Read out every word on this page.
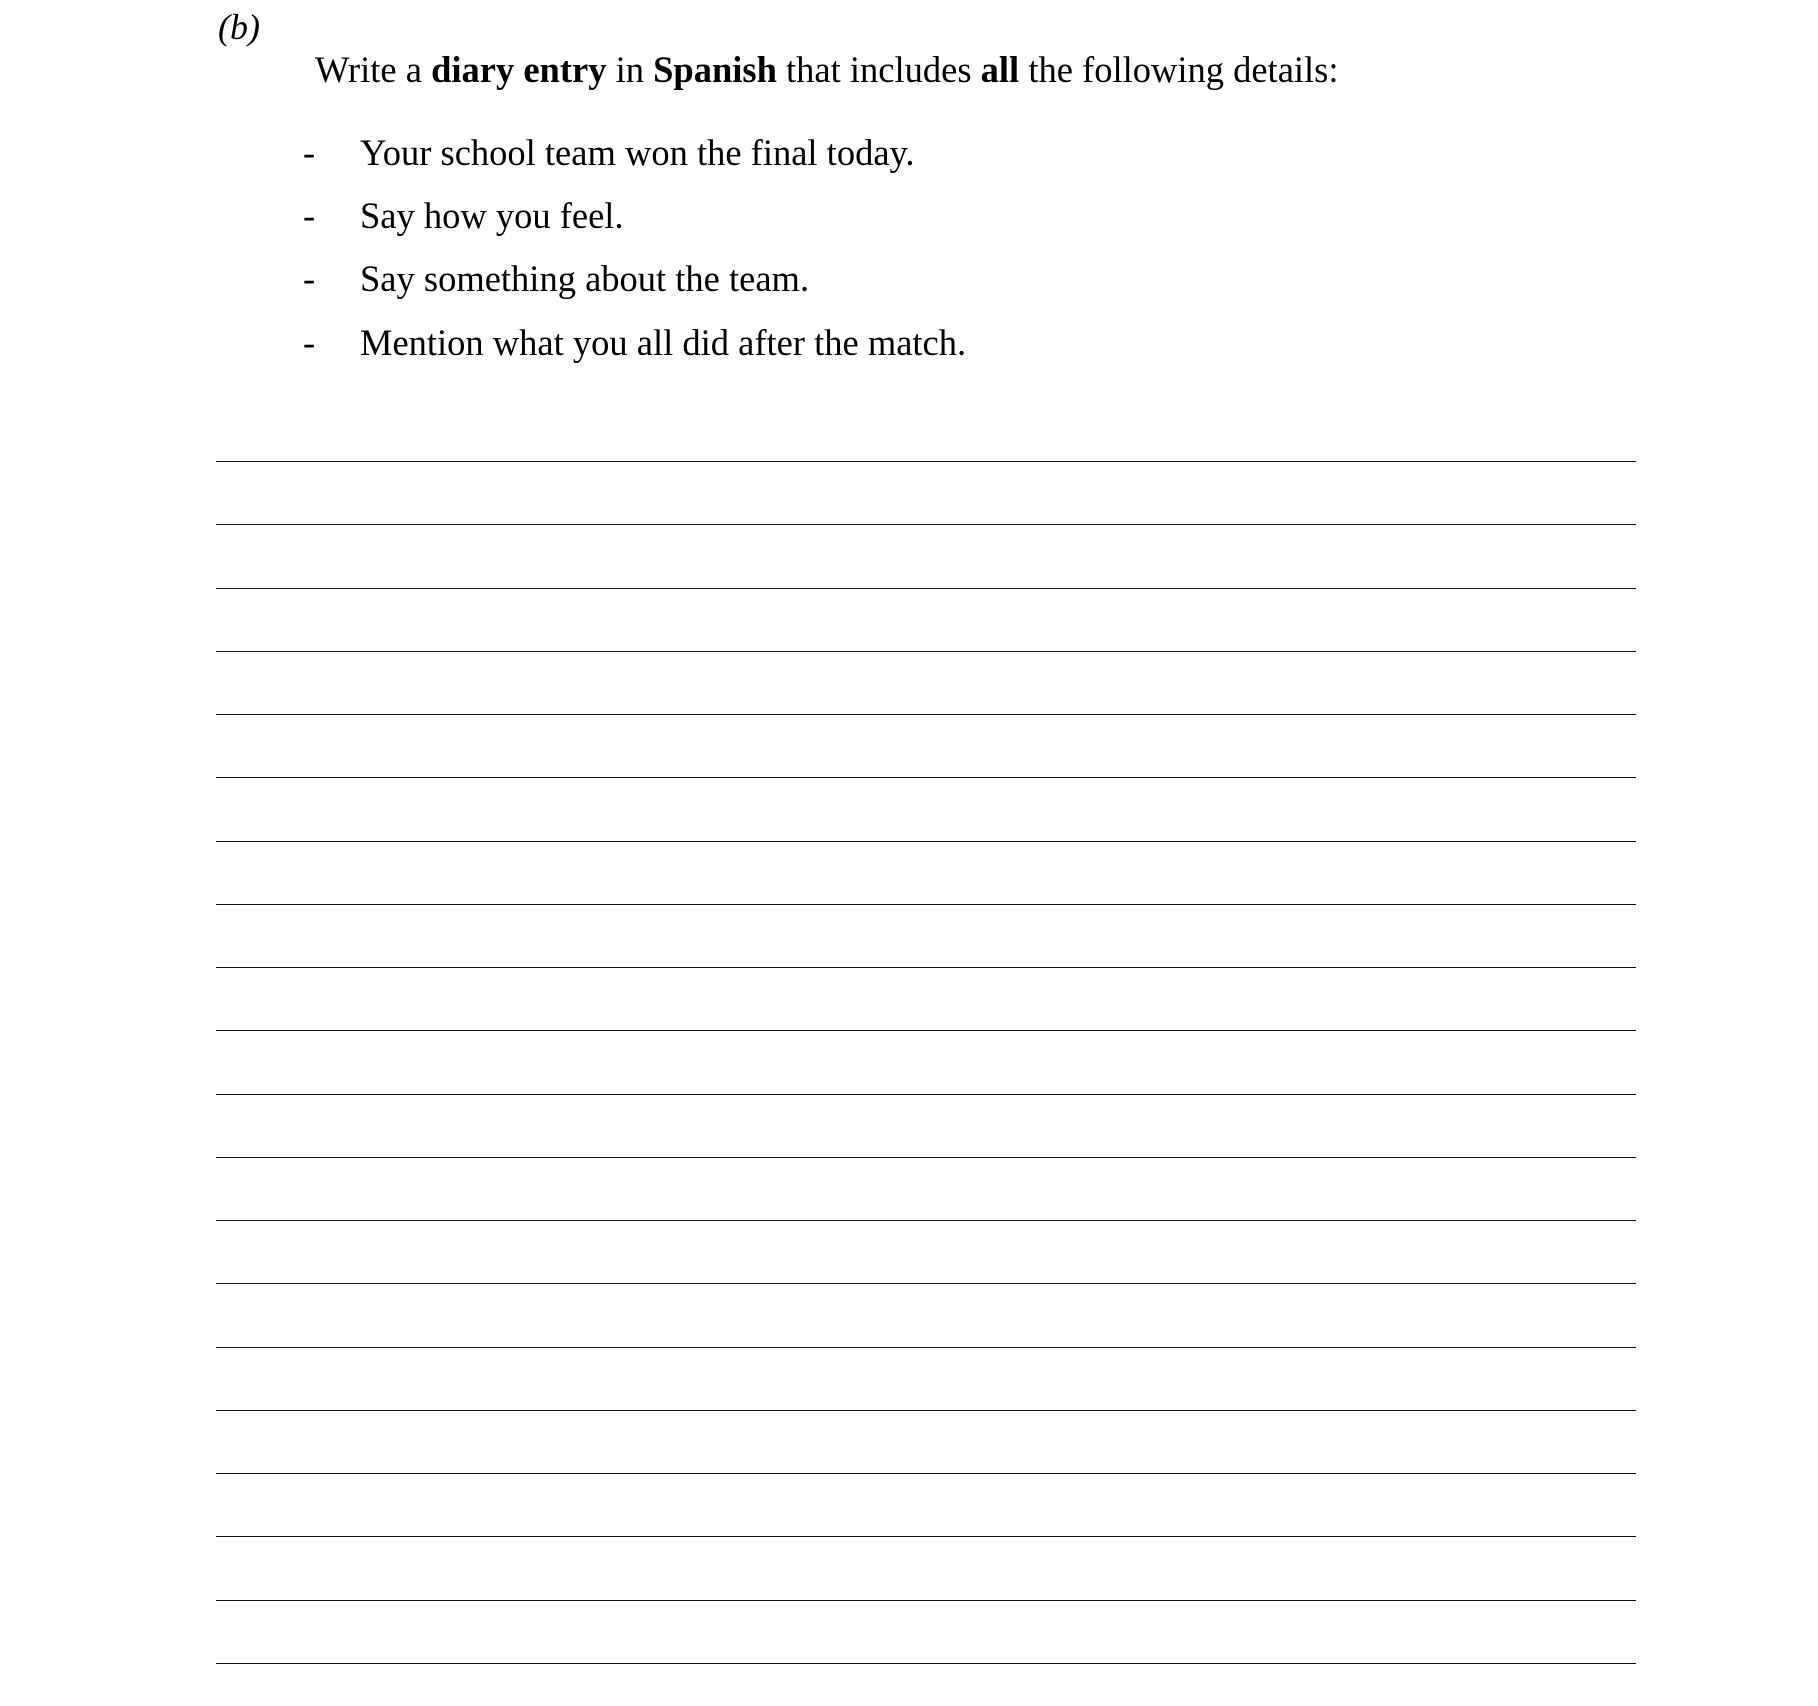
(b)
Write a diary entry in Spanish that includes all the following details:
- Your school team won the final today.
- Say how you feel.
- Say something about the team.
- Mention what you all did after the match.
